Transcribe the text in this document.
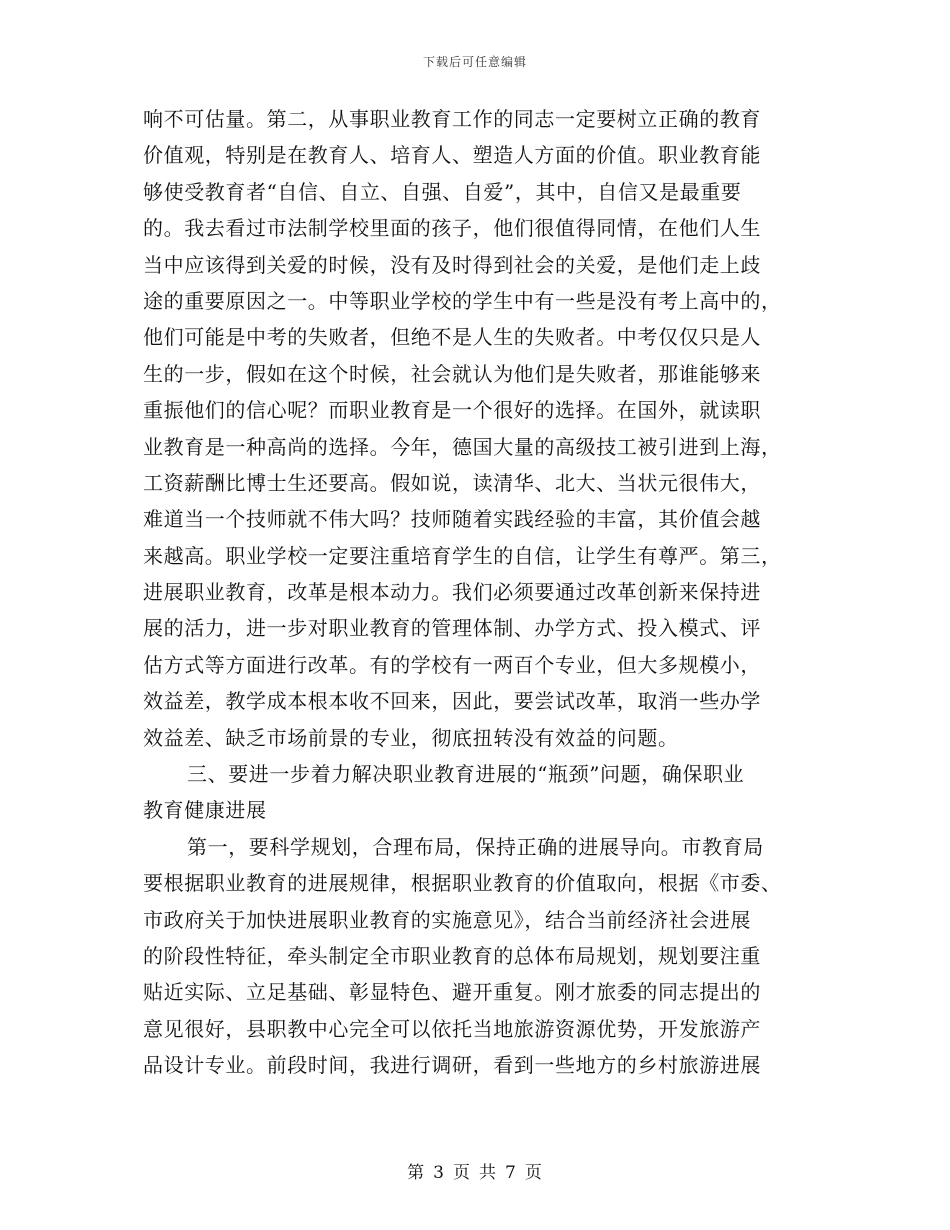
下载后可任意编辑
响不可估量。第二，从事职业教育工作的同志一定要树立正确的教育
价值观，特别是在教育人、培育人、塑造人方面的价值。职业教育能
够使受教育者“自信、自立、自强、自爱”，其中，自信又是最重要
的。我去看过市法制学校里面的孩子，他们很值得同情，在他们人生
当中应该得到关爱的时候，没有及时得到社会的关爱，是他们走上歧
途的重要原因之一。中等职业学校的学生中有一些是没有考上高中的，
他们可能是中考的失败者，但绝不是人生的失败者。中考仅仅只是人
生的一步，假如在这个时候，社会就认为他们是失败者，那谁能够来
重振他们的信心呢？而职业教育是一个很好的选择。在国外，就读职
业教育是一种高尚的选择。今年，德国大量的高级技工被引进到上海，
工资薪酬比博士生还要高。假如说，读清华、北大、当状元很伟大，
难道当一个技师就不伟大吗？技师随着实践经验的丰富，其价值会越
来越高。职业学校一定要注重培育学生的自信，让学生有尊严。第三，
进展职业教育，改革是根本动力。我们必须要通过改革创新来保持进
展的活力，进一步对职业教育的管理体制、办学方式、投入模式、评
估方式等方面进行改革。有的学校有一两百个专业，但大多规模小，
效益差，教学成本根本收不回来，因此，要尝试改革，取消一些办学
效益差、缺乏市场前景的专业，彻底扭转没有效益的问题。
三、要进一步着力解决职业教育进展的“瓶颈”问题，确保职业
教育健康进展
第一，要科学规划，合理布局，保持正确的进展导向。市教育局
要根据职业教育的进展规律，根据职业教育的价值取向，根据《市委、
市政府关于加快进展职业教育的实施意见》，结合当前经济社会进展
的阶段性特征，牵头制定全市职业教育的总体布局规划，规划要注重
贴近实际、立足基础、彰显特色、避开重复。刚才旅委的同志提出的
意见很好，县职教中心完全可以依托当地旅游资源优势，开发旅游产
品设计专业。前段时间，我进行调研，看到一些地方的乡村旅游进展
第 3 页 共 7 页
